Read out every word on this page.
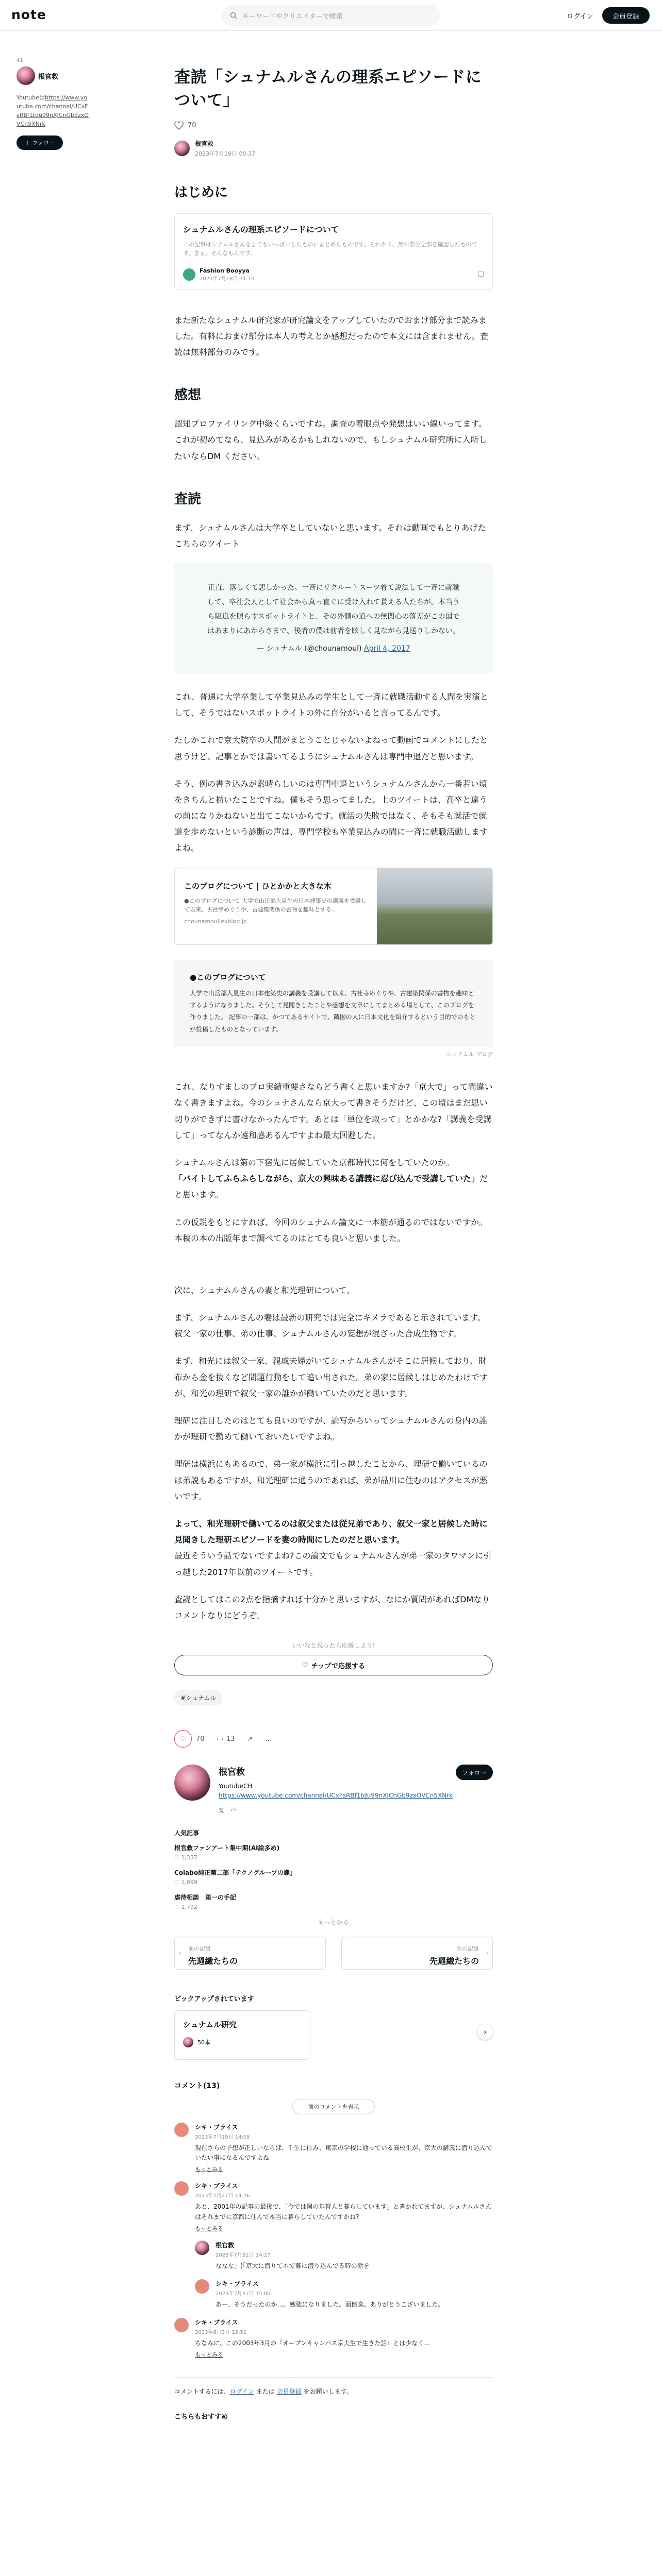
note	キーワードやクリエイターで検索	ログイン	会員登録
41
根官救
Youtubeはhttps://www.youtube.com/channel/UCxFsRBf1tdu99nXJCnGb9zxOVCn5XNrk
＋ フォロー
査読「シュナムルさんの理系エピソードについて」
70
根官救
2023年7月19日 00:37
はじめに
シュナムルさんの理系エピソードについて
この記事はシナムルさんをとてもいっぱいしたものにまとめたものです。それから、無料部分全部を確認したものです。まぁ、そんなもんです。
Fashion Booyya
2023年7月18日 11:10
☐

また新たなシュナムル研究家が研究論文をアップしていたのでおまけ部分まで読みました。有料におまけ部分は本人の考えとか感想だったので本文には含まれません。査読は無料部分のみです。

感想

認知プロファイリング中級くらいですね。調査の着眼点や発想はいい線いってます。これが初めてなら、見込みがあるかもしれないので、もしシュナムル研究所に入所したいならDM ください。

査読

まず、シュナムルさんは大学卒としていないと思います。それは動画でもとりあげたこちらのツイート

正直、落しくて悲しかった。一斉にリクルートスーツ着て説法して一斉に就職して、卒社会人として社会から真っ直ぐに受け入れて貰える人たちが。本当うら駆道を照らすスポットライトと、その外側の道への無関心の落差がこの国ではあまりにあからさまで、後者の僕は前者を眩しく見ながら見送りしかない。
— シュナムル (@chounamoul) April 4, 2017

これ、普通に大学卒業して卒業見込みの学生として一斉に就職活動する人間を実演として、そうではないスポットライトの外に自分がいると言ってるんです。

たしかこれで京大院卒の人間がまとうことじゃないよねって動画でコメントにしたと思うけど、記事とかでは書いてるようにシュナムルさんは専門中退だと思います。

そう、例の書き込みが素晴らしいのは専門中退というシュナムルさんから一番若い頃をきちんと描いたことですね。僕もそう思ってました。上のツイートは、高卒と違うの前になりかねないと出てこないからです。就活の失敗ではなく、そもそも就活で就道を歩めないという診断の声は、専門学校も卒業見込みの間に一斉に就職活動しますよね。

このブログについて | ひとかかと大きな木
●このブログについて 大学で山岳部人見生の日本建築史の講義を受講して以来、古社寺めぐりや、古建築関係の書物を趣味とする...
chounamoul.exblog.jp
●このブログについて
大学で山岳部人見生の日本建築史の講義を受講して以来、古社寺めぐりや、古建築関係の書物を趣味とするようになりました。そうして見聞きしたことや感想を文章にしてまとめる場として、このブログを作りました。 記事の一部は、かつてあるサイトで、隣国の人に日本文化を紹介するという目的でのもとが投稿したものとなっています。
シュナムル ブログ

これ、なりすましのプロ実績重要さならどう書くと思いますか?「京大で」って間違いなく書きますよね。今のシュナさんなら京大って書きそうだけど、この頃はまだ思い切りができずに書けなかったんです。あとは「単位を取って」とかかな?「講義を受講して」ってなんか遠和感あるんですよね最大回避した。

シュナムルさんは第の下宿先に居候していた京都時代に何をしていたのか。
「バイトしてふらふらしながら、京大の興味ある講義に忍び込んで受講していた」だと思います。

この仮説をもとにすれば、今回のシュナムル論文に一本筋が通るのではないですか。本稿の本の出版年まで調べてるのはとても良いと思いました。

次に、シュナムルさんの妻と和光理研について。

まず、シュナムルさんの妻は最新の研究では完全にキメラであると示されています。叙父一家の仕事、弟の仕事、シュナムルさんの妄想が混ざった合成生物です。

まず、和光には叙父一家、親戚夫婦がいてシュナムルさんがそこに居候しており、財布から金を抜くなど問題行動をして追い出された。弟の家に居候しはじめたわけですが、和光の理研で叙父一家の誰かが働いていたのだと思います。

理研に注目したのはとても良いのですが、論写からいってシュナムルさんの身内の誰かが理研で勤めて働いておいたいですよね。

理研は横浜にもあるので、弟一家が横浜に引っ越したことから、理研で働いているのは弟説もあるですが、和光理研に通うのであれば、弟が品川に住むのはアクセスが悪いです。

よって、和光理研で働いてるのは叙父または従兄弟であり、叙父一家と居候した時に見聞きした理研エピソードを妻の時間にしたのだと思います。
最近そういう話でないですよね?この論文でもシュナムルさんが弟一家のタワマンに引っ越した2017年以前のツイートです。

査読としてはこの2点を指摘すれば十分かと思いますが、なにか質問があればDMなりコメントなりにどうぞ。

いいなと思ったら応援しよう!
♡ チップで応援する
#シュナムル
♡	70 ▭ 13 ↗ …
根官救
YoutubeCH https://www.youtube.com/channel/UCxFsRBf1tdu99nXJCnGb9zxOVCn5XNrk
𝕏　 ◠
フォロー
人気記事
根官救ファンアート集中期(AI絵多め)
♡ 1,337
Colabo純正第二部「テクノグループの鹿」
♡ 1,099
虐待相談　第一の手記
♡ 1,792
もっとみる
‹
前の記事
先週繊たちの
次の記事
先週繊たちの
›
ピックアップされています
シュナムル研究
50本
›
コメント(13)
前のコメントを表示
シキ・ブライス
2023年7月19日 14:05
現在さらの予想が正しいならば、千生に住み、東京の学校に通っている高校生が、京大の講義に潜り込んでいたい事になるんですよね
もっとみる
シキ・ブライス
2023年7月27日 14:26
あと、2001年の記事の最後で、「今では岡の基督人と暮らしています」と書かれてますが、シュナムルさんはそれまでに京都に住んで本当に暮らしていたんですかね?
もっとみる
根官救
2023年7月31日 14:27
ななな」(「京大に潜りて本で暮に潜り込んでる時の話を
シキ・ブライス
2023年7月31日 15:00
あー、そうだったのか…。勉強になりました。面倒臭、ありがとうございました。
シキ・ブライス
2023年8月3日 12:51
ちなみに、この2003年3月の『オープンキャンパス京大生で生きた話』とは少なく...
もっとみる
コメントするには、ログイン または 会員登録 をお願いします。
こちらもおすすめ
